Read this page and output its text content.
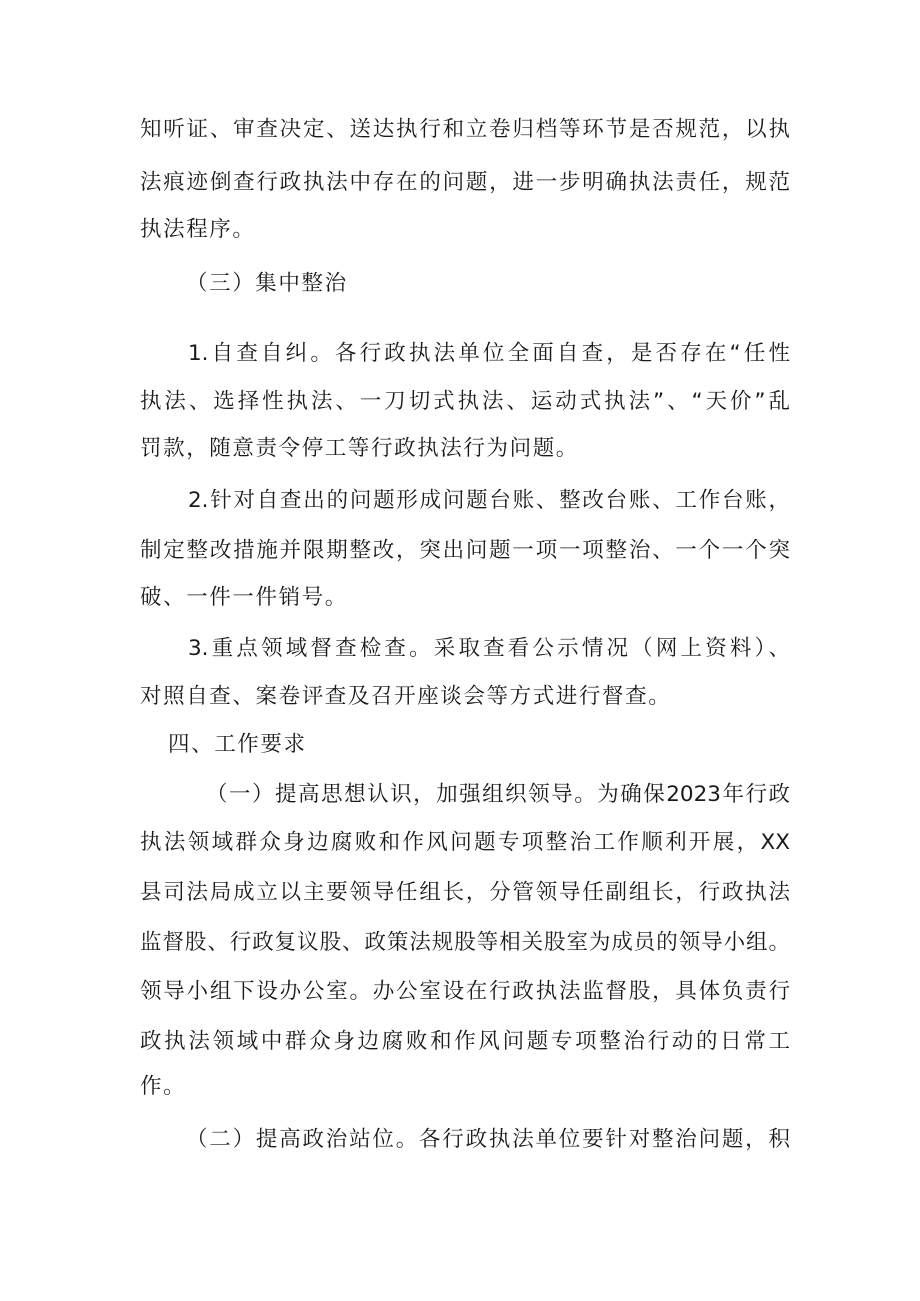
知听证、审查决定、送达执行和立卷归档等环节是否规范，以执
法痕迹倒查行政执法中存在的问题，进一步明确执法责任，规范
执法程序。
（三）集中整治
1.自查自纠。各行政执法单位全面自查，是否存在“任性
执法、选择性执法、一刀切式执法、运动式执法”、“天价”乱
罚款，随意责令停工等行政执法行为问题。
2.针对自查出的问题形成问题台账、整改台账、工作台账，
制定整改措施并限期整改，突出问题一项一项整治、一个一个突
破、一件一件销号。
3.重点领域督查检查。采取查看公示情况（网上资料）、
对照自查、案卷评查及召开座谈会等方式进行督查。
四、工作要求
（一）提高思想认识，加强组织领导。为确保2023年行政
执法领域群众身边腐败和作风问题专项整治工作顺利开展，XX
县司法局成立以主要领导任组长，分管领导任副组长，行政执法
监督股、行政复议股、政策法规股等相关股室为成员的领导小组。
领导小组下设办公室。办公室设在行政执法监督股，具体负责行
政执法领域中群众身边腐败和作风问题专项整治行动的日常工
作。
（二）提高政治站位。各行政执法单位要针对整治问题，积
